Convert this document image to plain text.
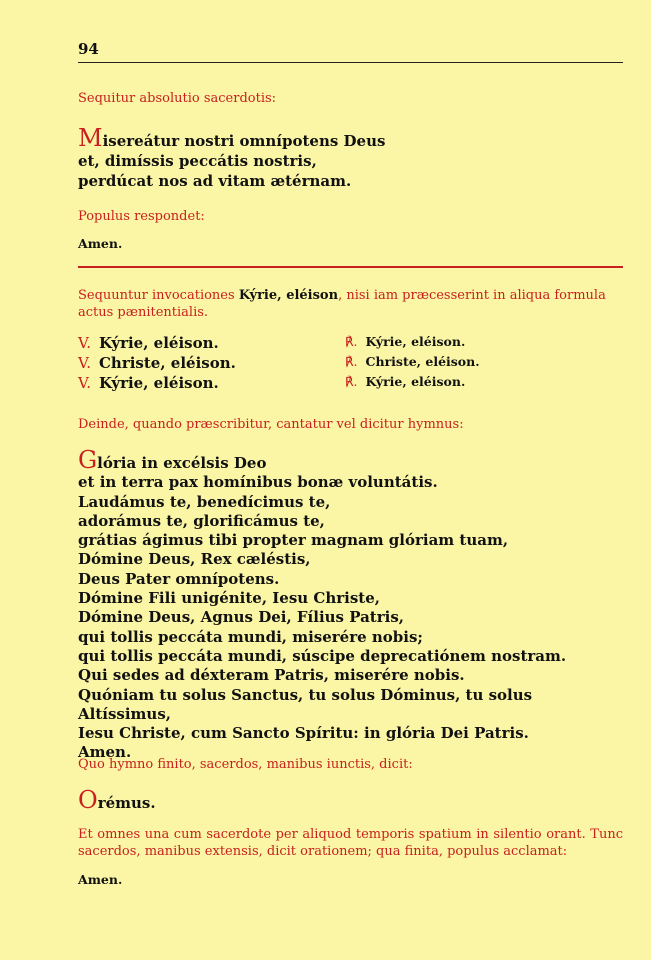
94
Sequitur absolutio sacerdotis:
Misereátur nostri omnípotens Deus
et, dimíssis peccátis nostris,
perdúcat nos ad vitam ætérnam.
Populus respondet:
Amen.
Sequuntur invocationes Kýrie, eléison, nisi iam præcesserint in aliqua formula actus pænitentialis.
V. Kýrie, eléison.	℟. Kýrie, eléison.
V. Christe, eléison.	℟. Christe, eléison.
V. Kýrie, eléison.	℟. Kýrie, eléison.
Deinde, quando præscribitur, cantatur vel dicitur hymnus:
Glória in excélsis Deo
et in terra pax homínibus bonæ voluntátis.
Laudámus te, benedícimus te,
adorámus te, glorificámus te,
grátias ágimus tibi propter magnam glóriam tuam,
Dómine Deus, Rex cæléstis,
Deus Pater omnípotens.
Dómine Fili unigénite, Iesu Christe,
Dómine Deus, Agnus Dei, Fílius Patris,
qui tollis peccáta mundi, miserére nobis;
qui tollis peccáta mundi, súscipe deprecatiónem nostram.
Qui sedes ad déxteram Patris, miserére nobis.
Quóniam tu solus Sanctus, tu solus Dóminus, tu solus Altíssimus,
Iesu Christe, cum Sancto Spíritu: in glória Dei Patris.
Amen.
Quo hymno finito, sacerdos, manibus iunctis, dicit:
Orémus.
Et omnes una cum sacerdote per aliquod temporis spatium in silentio orant. Tunc sacerdos, manibus extensis, dicit orationem; qua finita, populus acclamat:
Amen.
